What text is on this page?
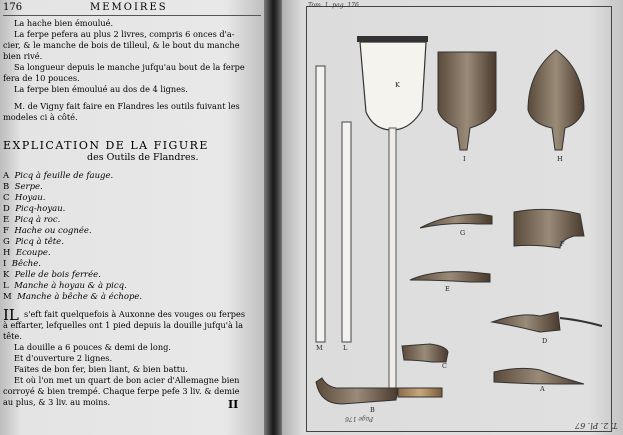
176	MEMOIRES
La hache bien émoulué.
La ferpe pefera au plus 2 livres, compris 6 onces d'a-
cier, & le manche de bois de tilleul, & le bout du manche
bien rivé.
Sa longueur depuis le manche jufqu'au bout de la ferpe
fera de 10 pouces.
La ferpe bien émoulué au dos de 4 lignes.
M. de Vigny fait faire en Flandres les outils fuivant les
modeles ci à côté.
EXPLICATION DE LA FIGURE
des Outils de Flandres.
A Picq à feuille de fauge.
B Serpe.
C Hoyau.
D Picq-hoyau.
E Picq à roc.
F Hache ou cognée.
G Picq à tête.
H Ecoupe.
I Bêche.
K Pelle de bois ferrée.
L Manche à hoyau & à picq.
M Manche à bêche & à échope.
IL s'eft fait quelquefois à Auxonne des vouges ou ferpes
à effarter, lefquelles ont 1 pied depuis la douille jufqu'à la
tête.
La douille a 6 pouces & demi de long.
Et d'ouverture 2 lignes.
Faites de bon fer, bien liant, & bien battu.
Et où l'on met un quart de bon acier d'Allemagne bien
corroyé & bien trempé. Chaque ferpe pefe 3 liv. & demie
au plus, & 3 liv. au moins.	II
Tom. 1. pag. 176.
K
I	H
G
F
E
D
C
A
B
L
M
Page 176
T. 2. Pl. 67
